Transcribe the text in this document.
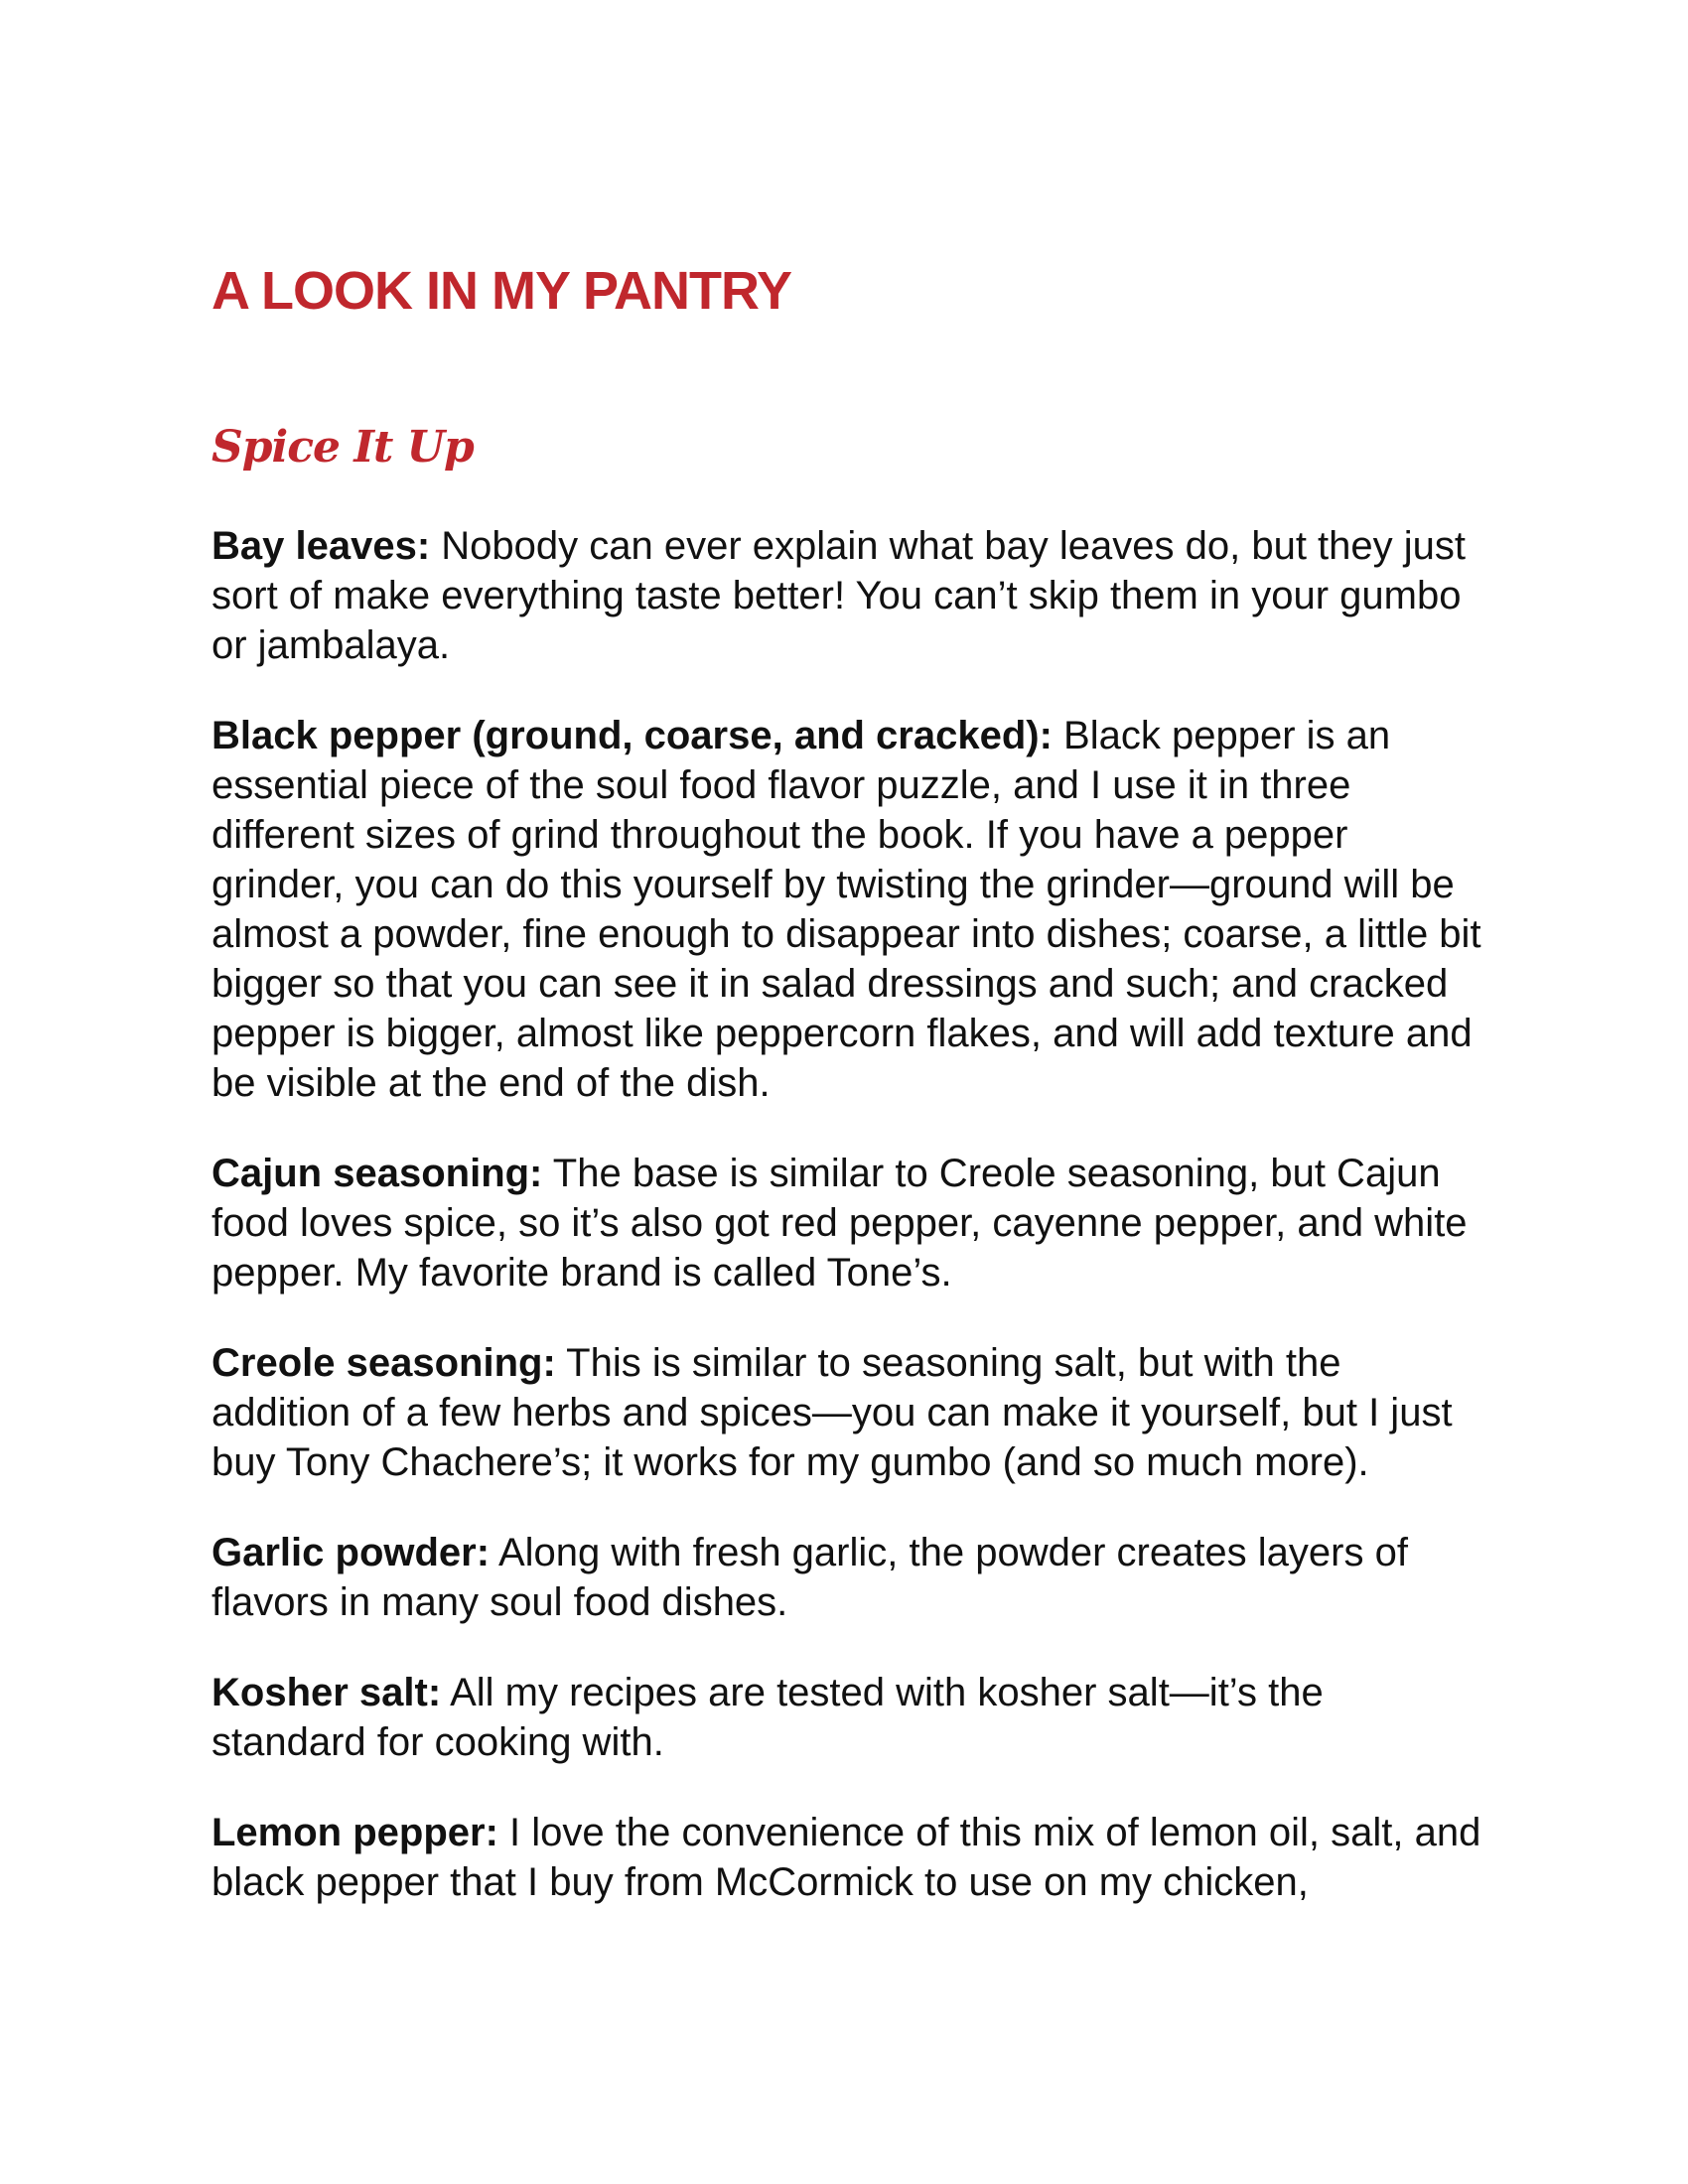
A LOOK IN MY PANTRY
Spice It Up

Bay leaves: Nobody can ever explain what bay leaves do, but they just sort of make everything taste better! You can’t skip them in your gumbo or jambalaya.

Black pepper (ground, coarse, and cracked): Black pepper is an essential piece of the soul food flavor puzzle, and I use it in three different sizes of grind throughout the book. If you have a pepper grinder, you can do this yourself by twisting the grinder—ground will be almost a powder, fine enough to disappear into dishes; coarse, a little bit bigger so that you can see it in salad dressings and such; and cracked pepper is bigger, almost like peppercorn flakes, and will add texture and be visible at the end of the dish.

Cajun seasoning: The base is similar to Creole seasoning, but Cajun food loves spice, so it’s also got red pepper, cayenne pepper, and white pepper. My favorite brand is called Tone’s.

Creole seasoning: This is similar to seasoning salt, but with the addition of a few herbs and spices—you can make it yourself, but I just buy Tony Chachere’s; it works for my gumbo (and so much more).

Garlic powder: Along with fresh garlic, the powder creates layers of flavors in many soul food dishes.

Kosher salt: All my recipes are tested with kosher salt—it’s the standard for cooking with.

Lemon pepper: I love the convenience of this mix of lemon oil, salt, and black pepper that I buy from McCormick to use on my chicken,
